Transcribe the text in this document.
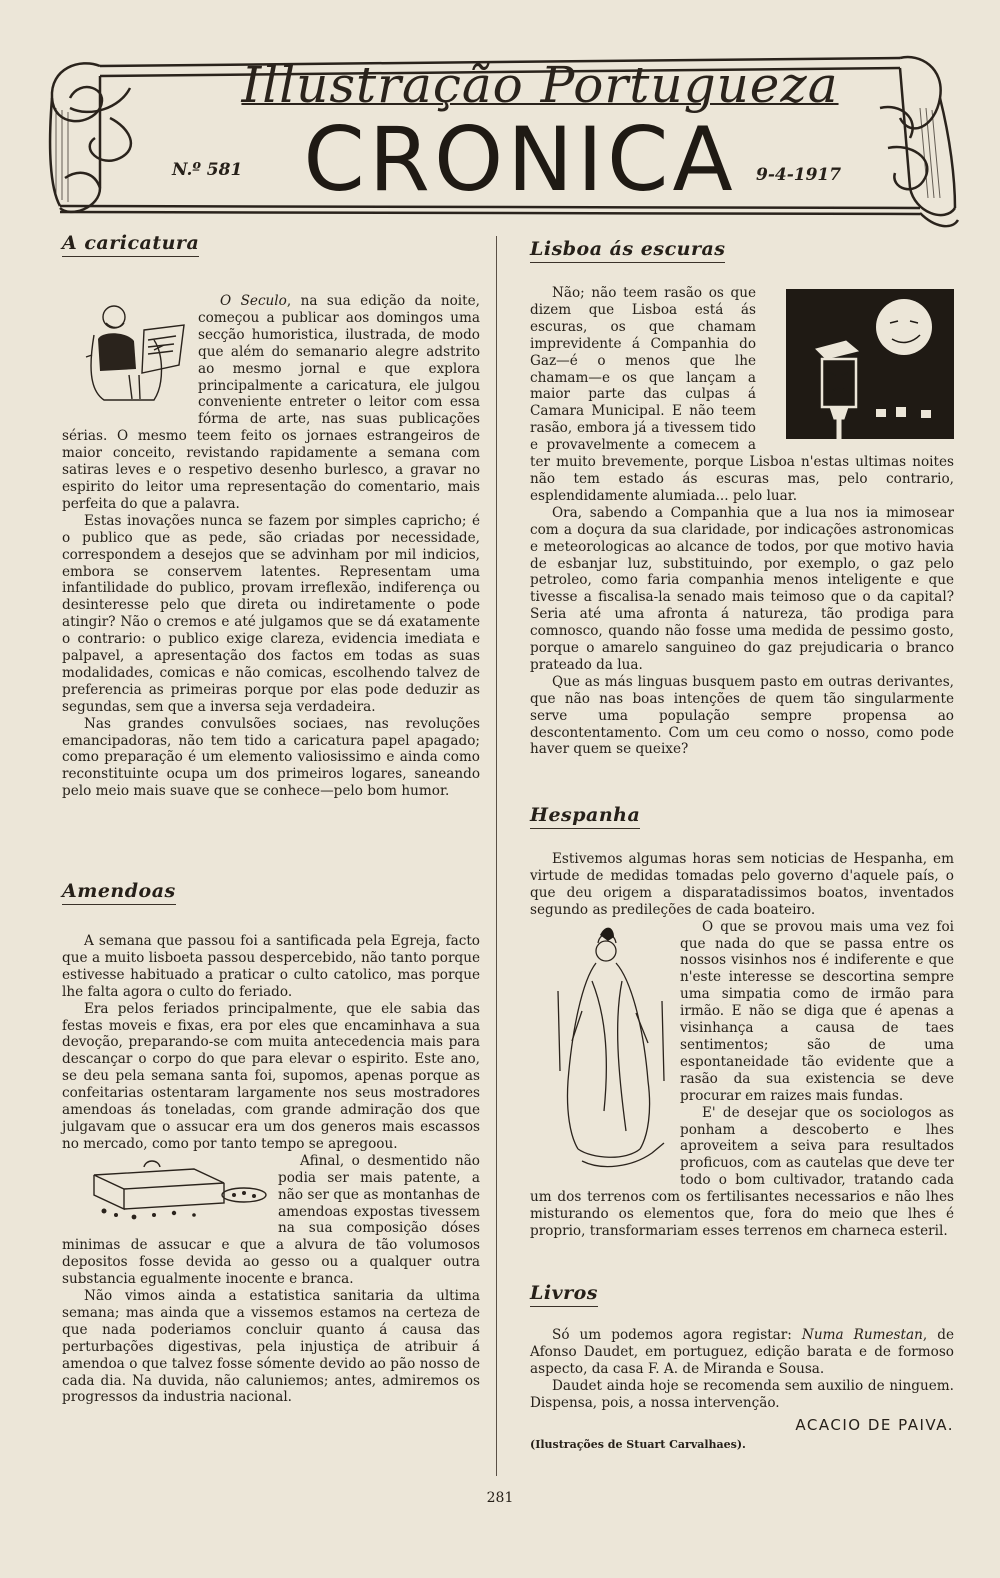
Illustração Portugueza
N.º 581 CRONICA 9-4-1917
A caricatura

O Seculo, na sua edição da noite, começou a publicar aos domingos uma secção humoristica, ilustrada, de modo que além do semanario alegre adstrito ao mesmo jornal e que explora principalmente a caricatura, ele julgou conveniente entreter o leitor com essa fórma de arte, nas suas publicações sérias. O mesmo teem feito os jornaes estrangeiros de maior conceito, revistando rapidamente a semana com satiras leves e o respetivo desenho burlesco, a gravar no espirito do leitor uma representação do comentario, mais perfeita do que a palavra.

Estas inovações nunca se fazem por simples capricho; é o publico que as pede, são criadas por necessidade, correspondem a desejos que se advinham por mil indicios, embora se conservem latentes. Representam uma infantilidade do publico, provam irreflexão, indiferença ou desinteresse pelo que direta ou indiretamente o pode atingir? Não o cremos e até julgamos que se dá exatamente o contrario: o publico exige clareza, evidencia imediata e palpavel, a apresentação dos factos em todas as suas modalidades, comicas e não comicas, escolhendo talvez de preferencia as primeiras porque por elas pode deduzir as segundas, sem que a inversa seja verdadeira.

Nas grandes convulsões sociaes, nas revoluções emancipadoras, não tem tido a caricatura papel apagado; como preparação é um elemento valiosissimo e ainda como reconstituinte ocupa um dos primeiros logares, saneando pelo meio mais suave que se conhece—pelo bom humor.

Amendoas

A semana que passou foi a santificada pela Egreja, facto que a muito lisboeta passou despercebido, não tanto porque estivesse habituado a praticar o culto catolico, mas porque lhe falta agora o culto do feriado.

Era pelos feriados principalmente, que ele sabia das festas moveis e fixas, era por eles que encaminhava a sua devoção, preparando-se com muita antecedencia mais para descançar o corpo do que para elevar o espirito. Este ano, se deu pela semana santa foi, supomos, apenas porque as confeitarias ostentaram largamente nos seus mostradores amendoas ás toneladas, com grande admiração dos que julgavam que o assucar era um dos generos mais escassos no mercado, como por tanto tempo se apregoou.

Afinal, o desmentido não podia ser mais patente, a não ser que as montanhas de amendoas expostas tivessem na sua composição dóses minimas de assucar e que a alvura de tão volumosos depositos fosse devida ao gesso ou a qualquer outra substancia egualmente inocente e branca.

Não vimos ainda a estatistica sanitaria da ultima semana; mas ainda que a vissemos estamos na certeza de que nada poderiamos concluir quanto á causa das perturbações digestivas, pela injustiça de atribuir á amendoa o que talvez fosse sómente devido ao pão nosso de cada dia. Na duvida, não caluniemos; antes, admiremos os progressos da industria nacional.

Lisboa ás escuras

Não; não teem rasão os que dizem que Lisboa está ás escuras, os que chamam imprevidente á Companhia do Gaz—é o menos que lhe chamam—e os que lançam a maior parte das culpas á Camara Municipal. E não teem rasão, embora já a tivessem tido e provavelmente a comecem a ter muito brevemente, porque Lisboa n'estas ultimas noites não tem estado ás escuras mas, pelo contrario, esplendidamente alumiada... pelo luar.

Ora, sabendo a Companhia que a lua nos ia mimosear com a doçura da sua claridade, por indicações astronomicas e meteorologicas ao alcance de todos, por que motivo havia de esbanjar luz, substituindo, por exemplo, o gaz pelo petroleo, como faria companhia menos inteligente e que tivesse a fiscalisa-la senado mais teimoso que o da capital? Seria até uma afronta á natureza, tão prodiga para comnosco, quando não fosse uma medida de pessimo gosto, porque o amarelo sanguineo do gaz prejudicaria o branco prateado da lua.

Que as más linguas busquem pasto em outras derivantes, que não nas boas intenções de quem tão singularmente serve uma população sempre propensa ao descontentamento. Com um ceu como o nosso, como pode haver quem se queixe?

Hespanha

Estivemos algumas horas sem noticias de Hespanha, em virtude de medidas tomadas pelo governo d'aquele país, o que deu origem a disparatadissimos boatos, inventados segundo as predileções de cada boateiro.

O que se provou mais uma vez foi que nada do que se passa entre os nossos visinhos nos é indiferente e que n'este interesse se descortina sempre uma simpatia como de irmão para irmão. E não se diga que é apenas a visinhança a causa de taes sentimentos; são de uma espontaneidade tão evidente que a rasão da sua existencia se deve procurar em raizes mais fundas.

E' de desejar que os sociologos as ponham a descoberto e lhes aproveitem a seiva para resultados proficuos, com as cautelas que deve ter todo o bom cultivador, tratando cada um dos terrenos com os fertilisantes necessarios e não lhes misturando os elementos que, fora do meio que lhes é proprio, transformariam esses terrenos em charneca esteril.

Livros

Só um podemos agora registar: Numa Rumestan, de Afonso Daudet, em portuguez, edição barata e de formoso aspecto, da casa F. A. de Miranda e Sousa.

Daudet ainda hoje se recomenda sem auxilio de ninguem. Dispensa, pois, a nossa intervenção.

ACACIO DE PAIVA.
(Ilustrações de Stuart Carvalhaes).
281
